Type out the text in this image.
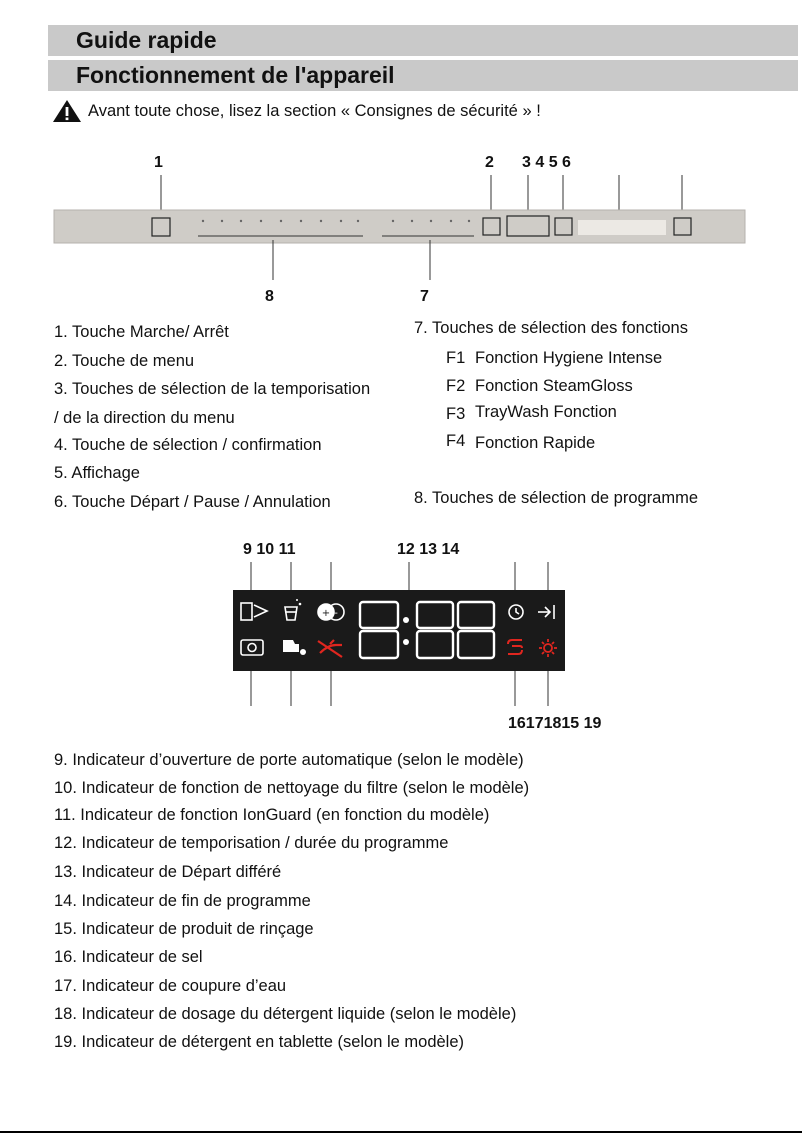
Guide rapide
Fonctionnement de l'appareil
Avant toute chose, lisez la section « Consignes de sécurité » !
1	2 3 4 5 6
8	7
1. Touche Marche/ Arrêt
2. Touche de menu
3. Touches de sélection de la temporisation
/ de la direction du menu
4. Touche de sélection / confirmation
5. Affichage
6. Touche Départ / Pause / Annulation
7. Touches de sélection des fonctions
F1 Fonction Hygiene Intense
F2 Fonction SteamGloss
F3 TrayWash Fonction
F4 Fonction Rapide
8. Touches de sélection de programme
9 10 11	12 13 14
16171815 19
+ -
9. Indicateur d’ouverture de porte automatique (selon le modèle)
10. Indicateur de fonction de nettoyage du filtre (selon le modèle)
11. Indicateur de fonction IonGuard (en fonction du modèle)
12. Indicateur de temporisation / durée du programme
13. Indicateur de Départ différé
14. Indicateur de fin de programme
15. Indicateur de produit de rinçage
16. Indicateur de sel
17. Indicateur de coupure d’eau
18. Indicateur de dosage du détergent liquide (selon le modèle)
19. Indicateur de détergent en tablette (selon le modèle)
